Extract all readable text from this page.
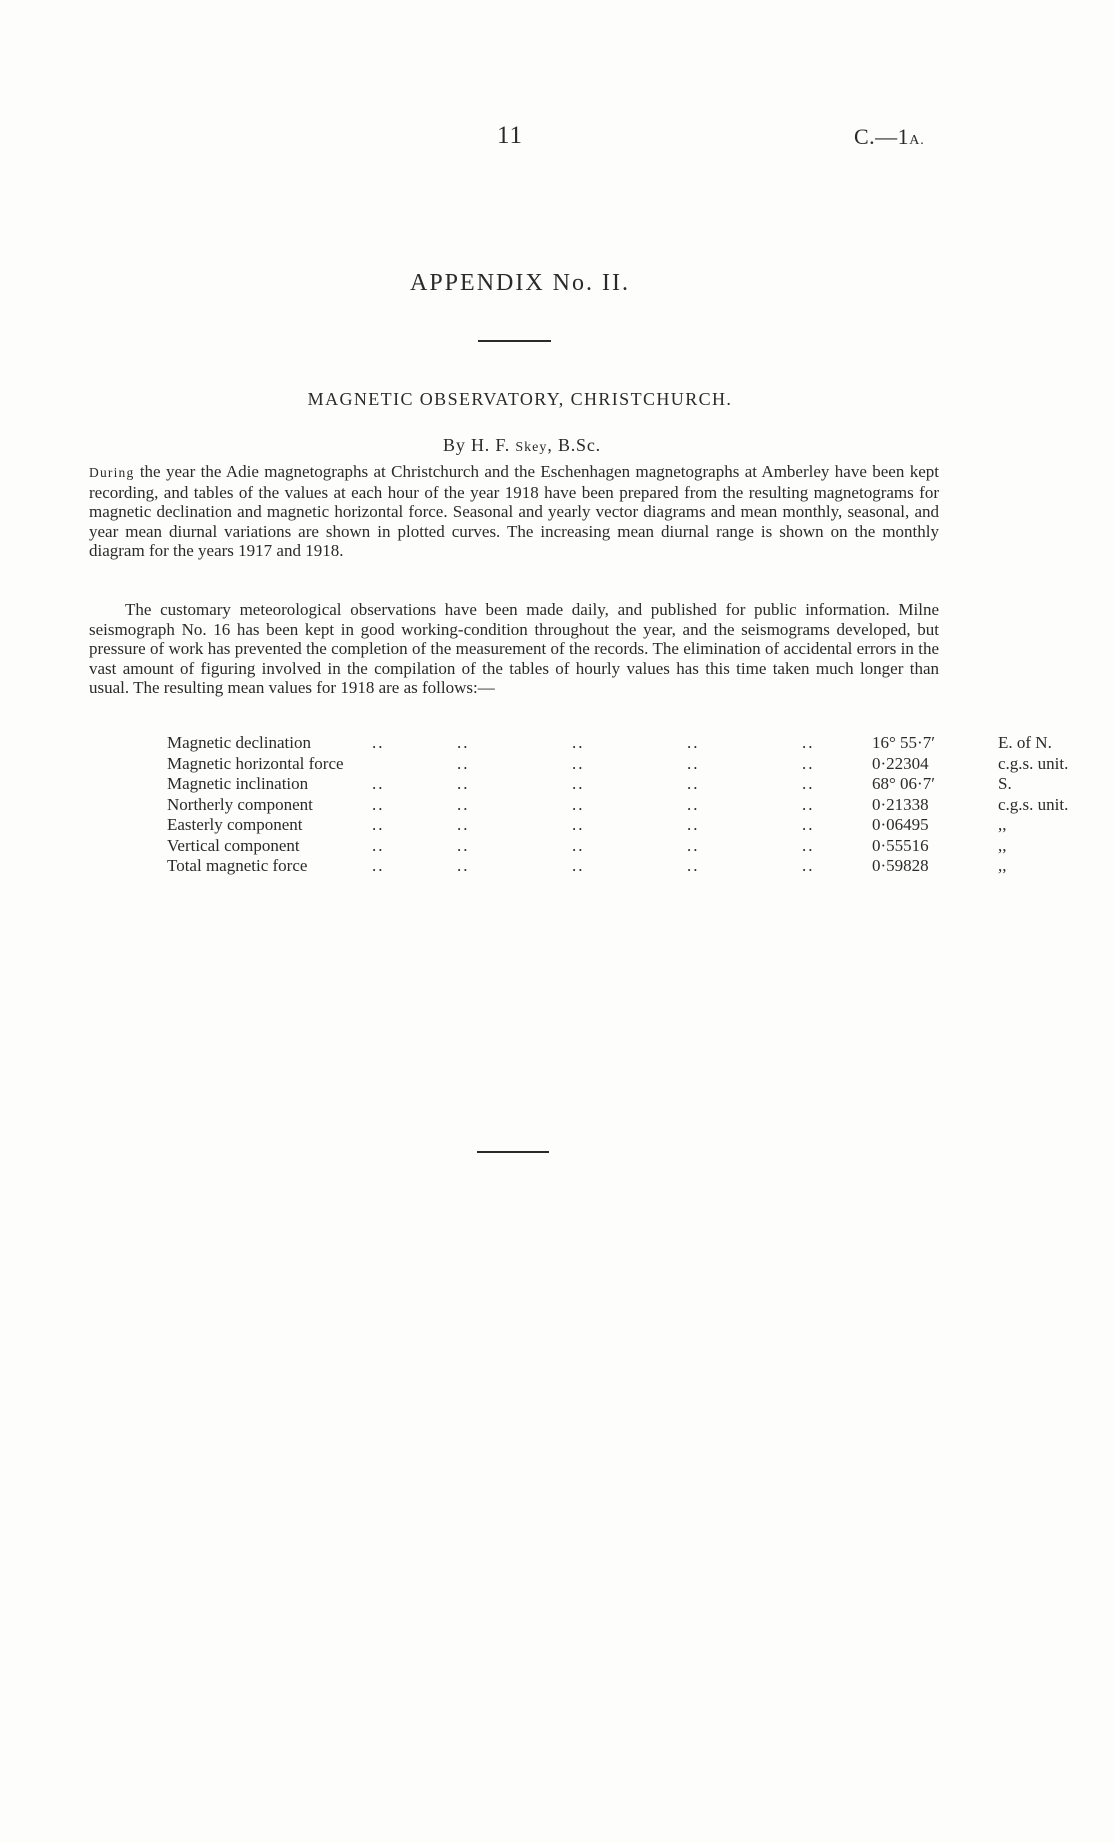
11	C.—1A.
APPENDIX No. II.
MAGNETIC OBSERVATORY, CHRISTCHURCH.
By H. F. Skey, B.Sc.

During the year the Adie magnetographs at Christchurch and the Eschenhagen magnetographs at Amberley have been kept recording, and tables of the values at each hour of the year 1918 have been prepared from the resulting magnetograms for magnetic declination and magnetic horizontal force. Seasonal and yearly vector diagrams and mean monthly, seasonal, and year mean diurnal variations are shown in plotted curves. The increasing mean diurnal range is shown on the monthly diagram for the years 1917 and 1918.

The customary meteorological observations have been made daily, and published for public information. Milne seismograph No. 16 has been kept in good working-condition throughout the year, and the seismograms developed, but pressure of work has prevented the completion of the measurement of the records. The elimination of accidental errors in the vast amount of figuring involved in the compilation of the tables of hourly values has this time taken much longer than usual. The resulting mean values for 1918 are as follows:—

Magnetic declination	.. .. .. .. ..	16° 55·7′	E. of N.
Magnetic horizontal force	.. .. .. ..	0·22304	c.g.s. unit.
Magnetic inclination	.. .. .. .. ..	68° 06·7′	S.
Northerly component	.. .. .. .. ..	0·21338	c.g.s. unit.
Easterly component	.. .. .. .. ..	0·06495	,,
Vertical component	.. .. .. .. ..	0·55516	,,
Total magnetic force	.. .. .. .. ..	0·59828	,,
